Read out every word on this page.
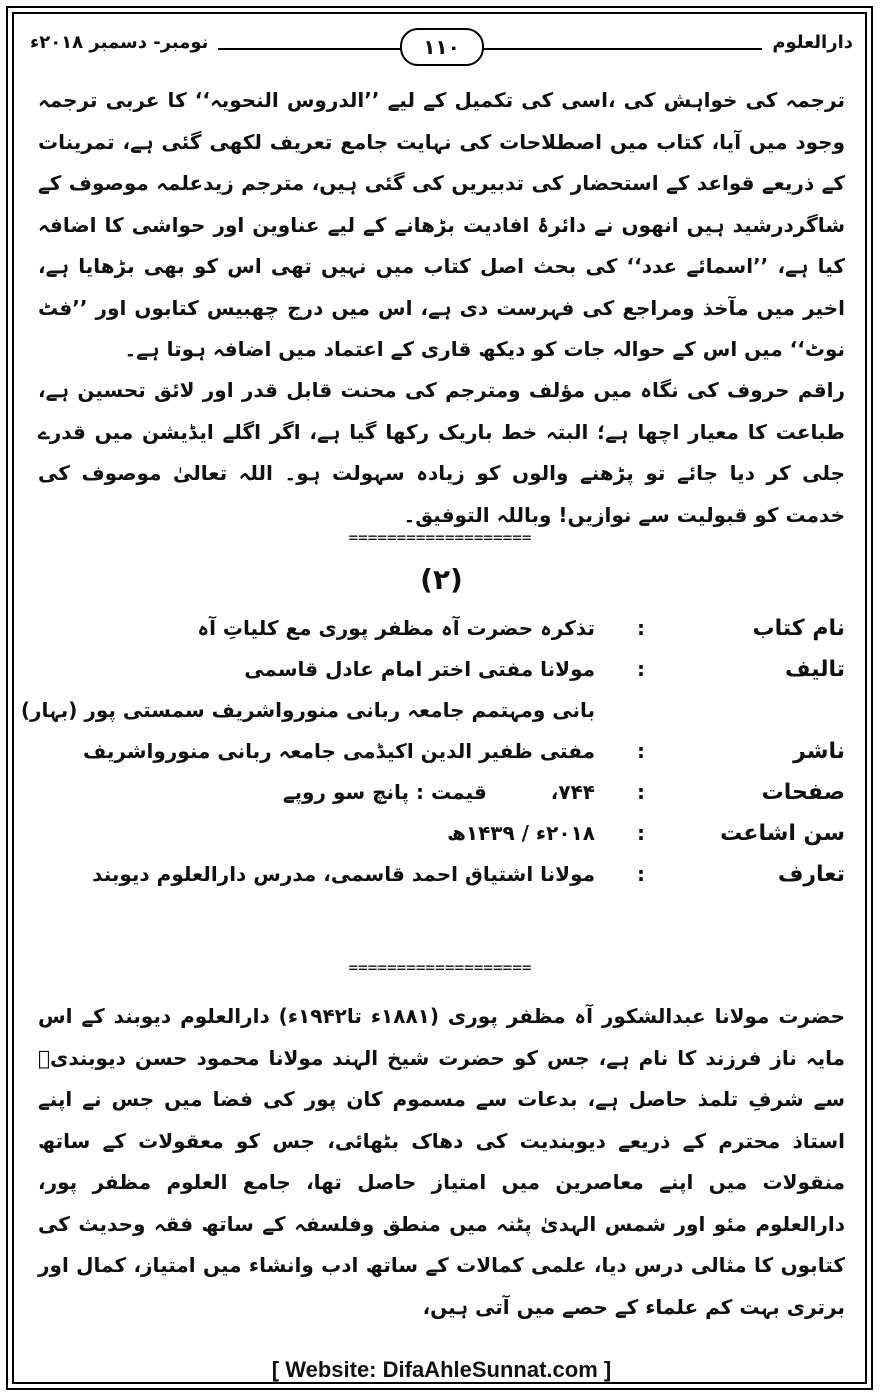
دارالعلوم
نومبر- دسمبر ۲۰۱۸ء	۱۱۰
ترجمہ کی خواہش کی ،اسی کی تکمیل کے لیے ’’الدروس النحویہ‘‘ کا عربی ترجمہ وجود میں آیا، کتاب میں اصطلاحات کی نہایت جامع تعریف لکھی گئی ہے، تمرینات کے ذریعے قواعد کے استحضار کی تدبیریں کی گئی ہیں، مترجم زیدعلمہ موصوف کے شاگردرشید ہیں انھوں نے دائرۂ افادیت بڑھانے کے لیے عناوین اور حواشی کا اضافہ کیا ہے، ’’اسمائے عدد‘‘ کی بحث اصل کتاب میں نہیں تھی اس کو بھی بڑھایا ہے، اخیر میں مآخذ ومراجع کی فہرست دی ہے، اس میں درج چھبیس کتابوں اور ’’فٹ نوٹ‘‘ میں اس کے حوالہ جات کو دیکھ قاری کے اعتماد میں اضافہ ہوتا ہے۔
راقم حروف کی نگاہ میں مؤلف ومترجم کی محنت قابل قدر اور لائق تحسین ہے، طباعت کا معیار اچھا ہے؛ البتہ خط باریک رکھا گیا ہے، اگر اگلے ایڈیشن میں قدرے جلی کر دیا جائے تو پڑھنے والوں کو زیادہ سہولت ہو۔ اللہ تعالیٰ موصوف کی خدمت کو قبولیت سے نوازیں! وباللہ التوفیق۔
===================
(۲)
نام کتاب
:
تذکرہ حضرت آہ مظفر پوری مع کلیاتِ آہ
تالیف
:
مولانا مفتی اختر امام عادل قاسمی
بانی ومہتمم جامعہ ربانی منورواشریف سمستی پور (بہار)
ناشر
:
مفتی ظفیر الدین اکیڈمی جامعہ ربانی منورواشریف
صفحات
:
۷۴۴،  قیمت : پانچ سو روپے
سن اشاعت
:
۲۰۱۸ء / ۱۴۳۹ھ
تعارف
:
مولانا اشتیاق احمد قاسمی، مدرس دارالعلوم دیوبند
===================
حضرت مولانا عبدالشکور آہ مظفر پوری (۱۸۸۱ء تا۱۹۴۲ء) دارالعلوم دیوبند کے اس مایہ ناز فرزند کا نام ہے، جس کو حضرت شیخ الہند مولانا محمود حسن دیوبندیؒ سے شرفِ تلمذ حاصل ہے، بدعات سے مسموم کان پور کی فضا میں جس نے اپنے استاذ محترم کے ذریعے دیوبندیت کی دھاک بٹھائی، جس کو معقولات کے ساتھ منقولات میں اپنے معاصرین میں امتیاز حاصل تھا، جامع العلوم مظفر پور، دارالعلوم مئو اور شمس الہدیٰ پٹنہ میں منطق وفلسفہ کے ساتھ فقہ وحدیث کی کتابوں کا مثالی درس دیا، علمی کمالات کے ساتھ ادب وانشاء میں امتیاز، کمال اور برتری بہت کم علماء کے حصے میں آتی ہیں،
[ Website: DifaAhleSunnat.com ]
